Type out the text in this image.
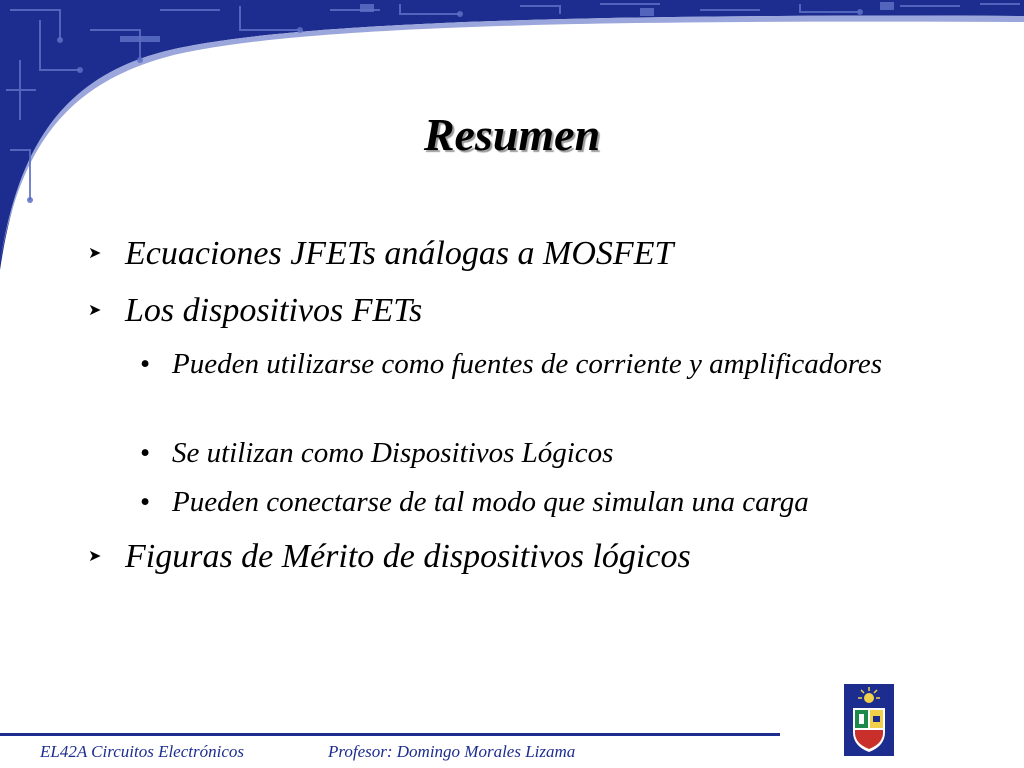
Resumen
➤ Ecuaciones JFETs análogas a MOSFET
➤ Los dispositivos FETs
• Pueden utilizarse como fuentes de corriente y amplificadores
• Se utilizan como Dispositivos Lógicos
• Pueden conectarse de tal modo que simulan una carga
➤ Figuras de Mérito de dispositivos lógicos
EL42A Circuitos Electrónicos	Profesor: Domingo Morales Lizama
